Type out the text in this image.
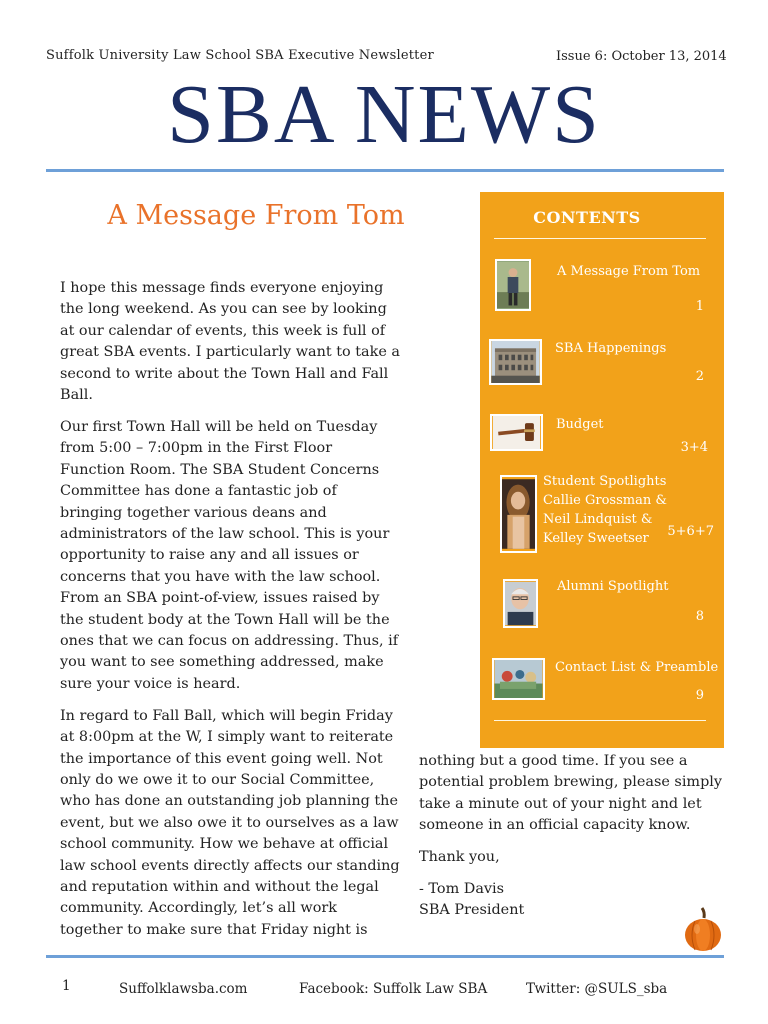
Suffolk University Law School SBA Executive Newsletter	Issue 6: October 13, 2014
SBA NEWS
A Message From Tom

I hope this message finds everyone enjoying the long weekend. As you can see by looking at our calendar of events, this week is full of great SBA events. I particularly want to take a second to write about the Town Hall and Fall Ball.

Our first Town Hall will be held on Tuesday from 5:00 – 7:00pm in the First Floor Function Room. The SBA Student Concerns Committee has done a fantastic job of bringing together various deans and administrators of the law school. This is your opportunity to raise any and all issues or concerns that you have with the law school. From an SBA point-of-view, issues raised by the student body at the Town Hall will be the ones that we can focus on addressing. Thus, if you want to see something addressed, make sure your voice is heard.

In regard to Fall Ball, which will begin Friday at 8:00pm at the W, I simply want to reiterate the importance of this event going well. Not only do we owe it to our Social Committee, who has done an outstanding job planning the event, but we also owe it to ourselves as a law school community. How we behave at official law school events directly affects our standing and reputation within and without the legal community. Accordingly, let’s all work together to make sure that Friday night is

nothing but a good time. If you see a potential problem brewing, please simply take a minute out of your night and let someone in an official capacity know.

Thank you,

- Tom Davis
SBA President
CONTENTS
A Message From Tom
1
SBA Happenings
2
Budget
3+4
Student Spotlights Callie Grossman & Neil Lindquist & Kelley Sweetser	5+6+7
Alumni Spotlight
8
Contact List & Preamble
9
1	Suffolklawsba.com	Facebook: Suffolk Law SBA	Twitter: @SULS_sba
